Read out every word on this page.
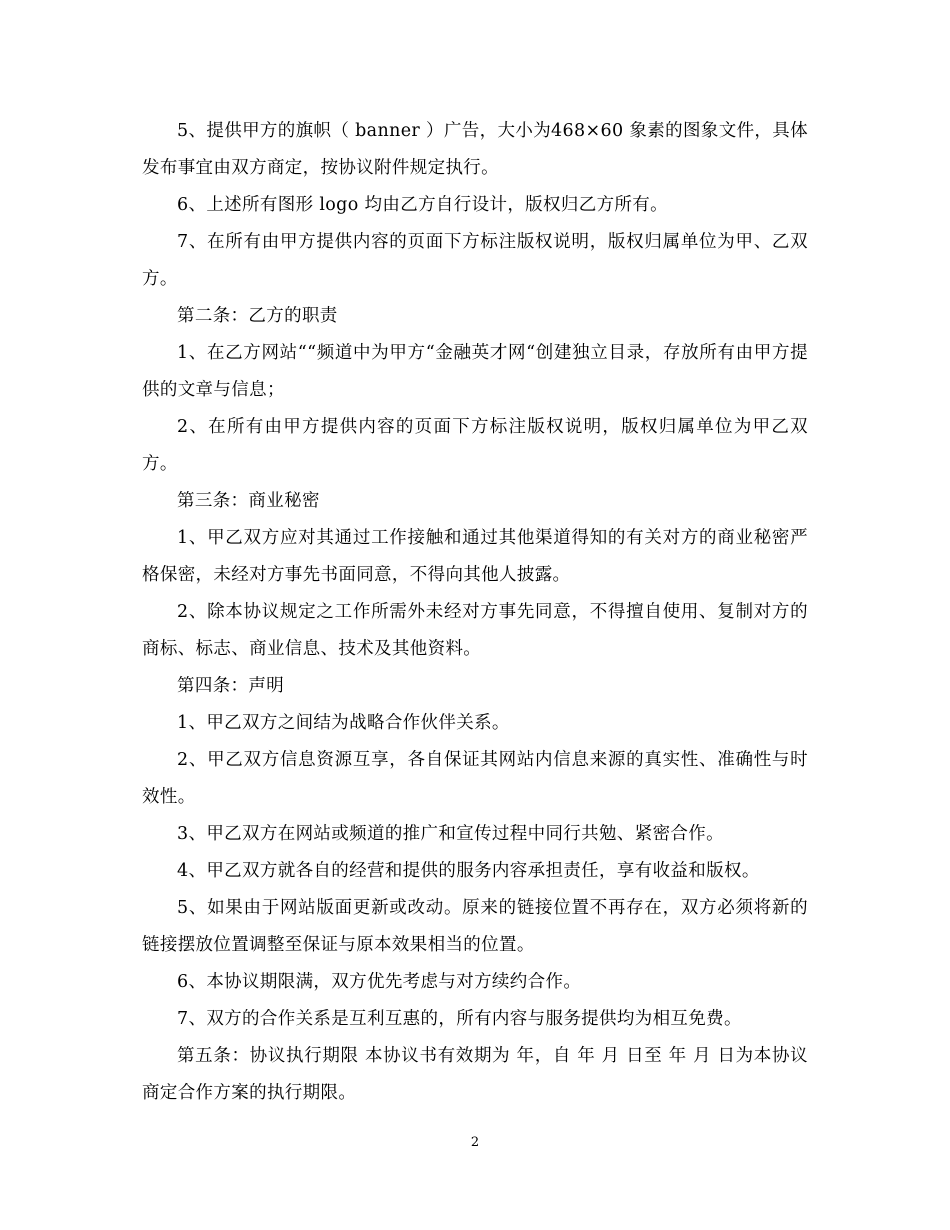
5、提供甲方的旗帜（ banner ）广告，大小为468×60 象素的图象文件，具体发布事宜由双方商定，按协议附件规定执行。

6、上述所有图形 logo 均由乙方自行设计，版权归乙方所有。

7、在所有由甲方提供内容的页面下方标注版权说明，版权归属单位为甲、乙双方。

第二条：乙方的职责

1、在乙方网站““频道中为甲方“金融英才网“创建独立目录，存放所有由甲方提供的文章与信息；

2、在所有由甲方提供内容的页面下方标注版权说明，版权归属单位为甲乙双方。

第三条：商业秘密

1、甲乙双方应对其通过工作接触和通过其他渠道得知的有关对方的商业秘密严格保密，未经对方事先书面同意，不得向其他人披露。

2、除本协议规定之工作所需外未经对方事先同意，不得擅自使用、复制对方的商标、标志、商业信息、技术及其他资料。

第四条：声明

1、甲乙双方之间结为战略合作伙伴关系。

2、甲乙双方信息资源互享，各自保证其网站内信息来源的真实性、准确性与时效性。

3、甲乙双方在网站或频道的推广和宣传过程中同行共勉、紧密合作。

4、甲乙双方就各自的经营和提供的服务内容承担责任，享有收益和版权。

5、如果由于网站版面更新或改动。原来的链接位置不再存在，双方必须将新的链接摆放位置调整至保证与原本效果相当的位置。

6、本协议期限满，双方优先考虑与对方续约合作。

7、双方的合作关系是互利互惠的，所有内容与服务提供均为相互免费。

第五条：协议执行期限 本协议书有效期为 年，自 年 月 日至 年 月 日为本协议商定合作方案的执行期限。

2
